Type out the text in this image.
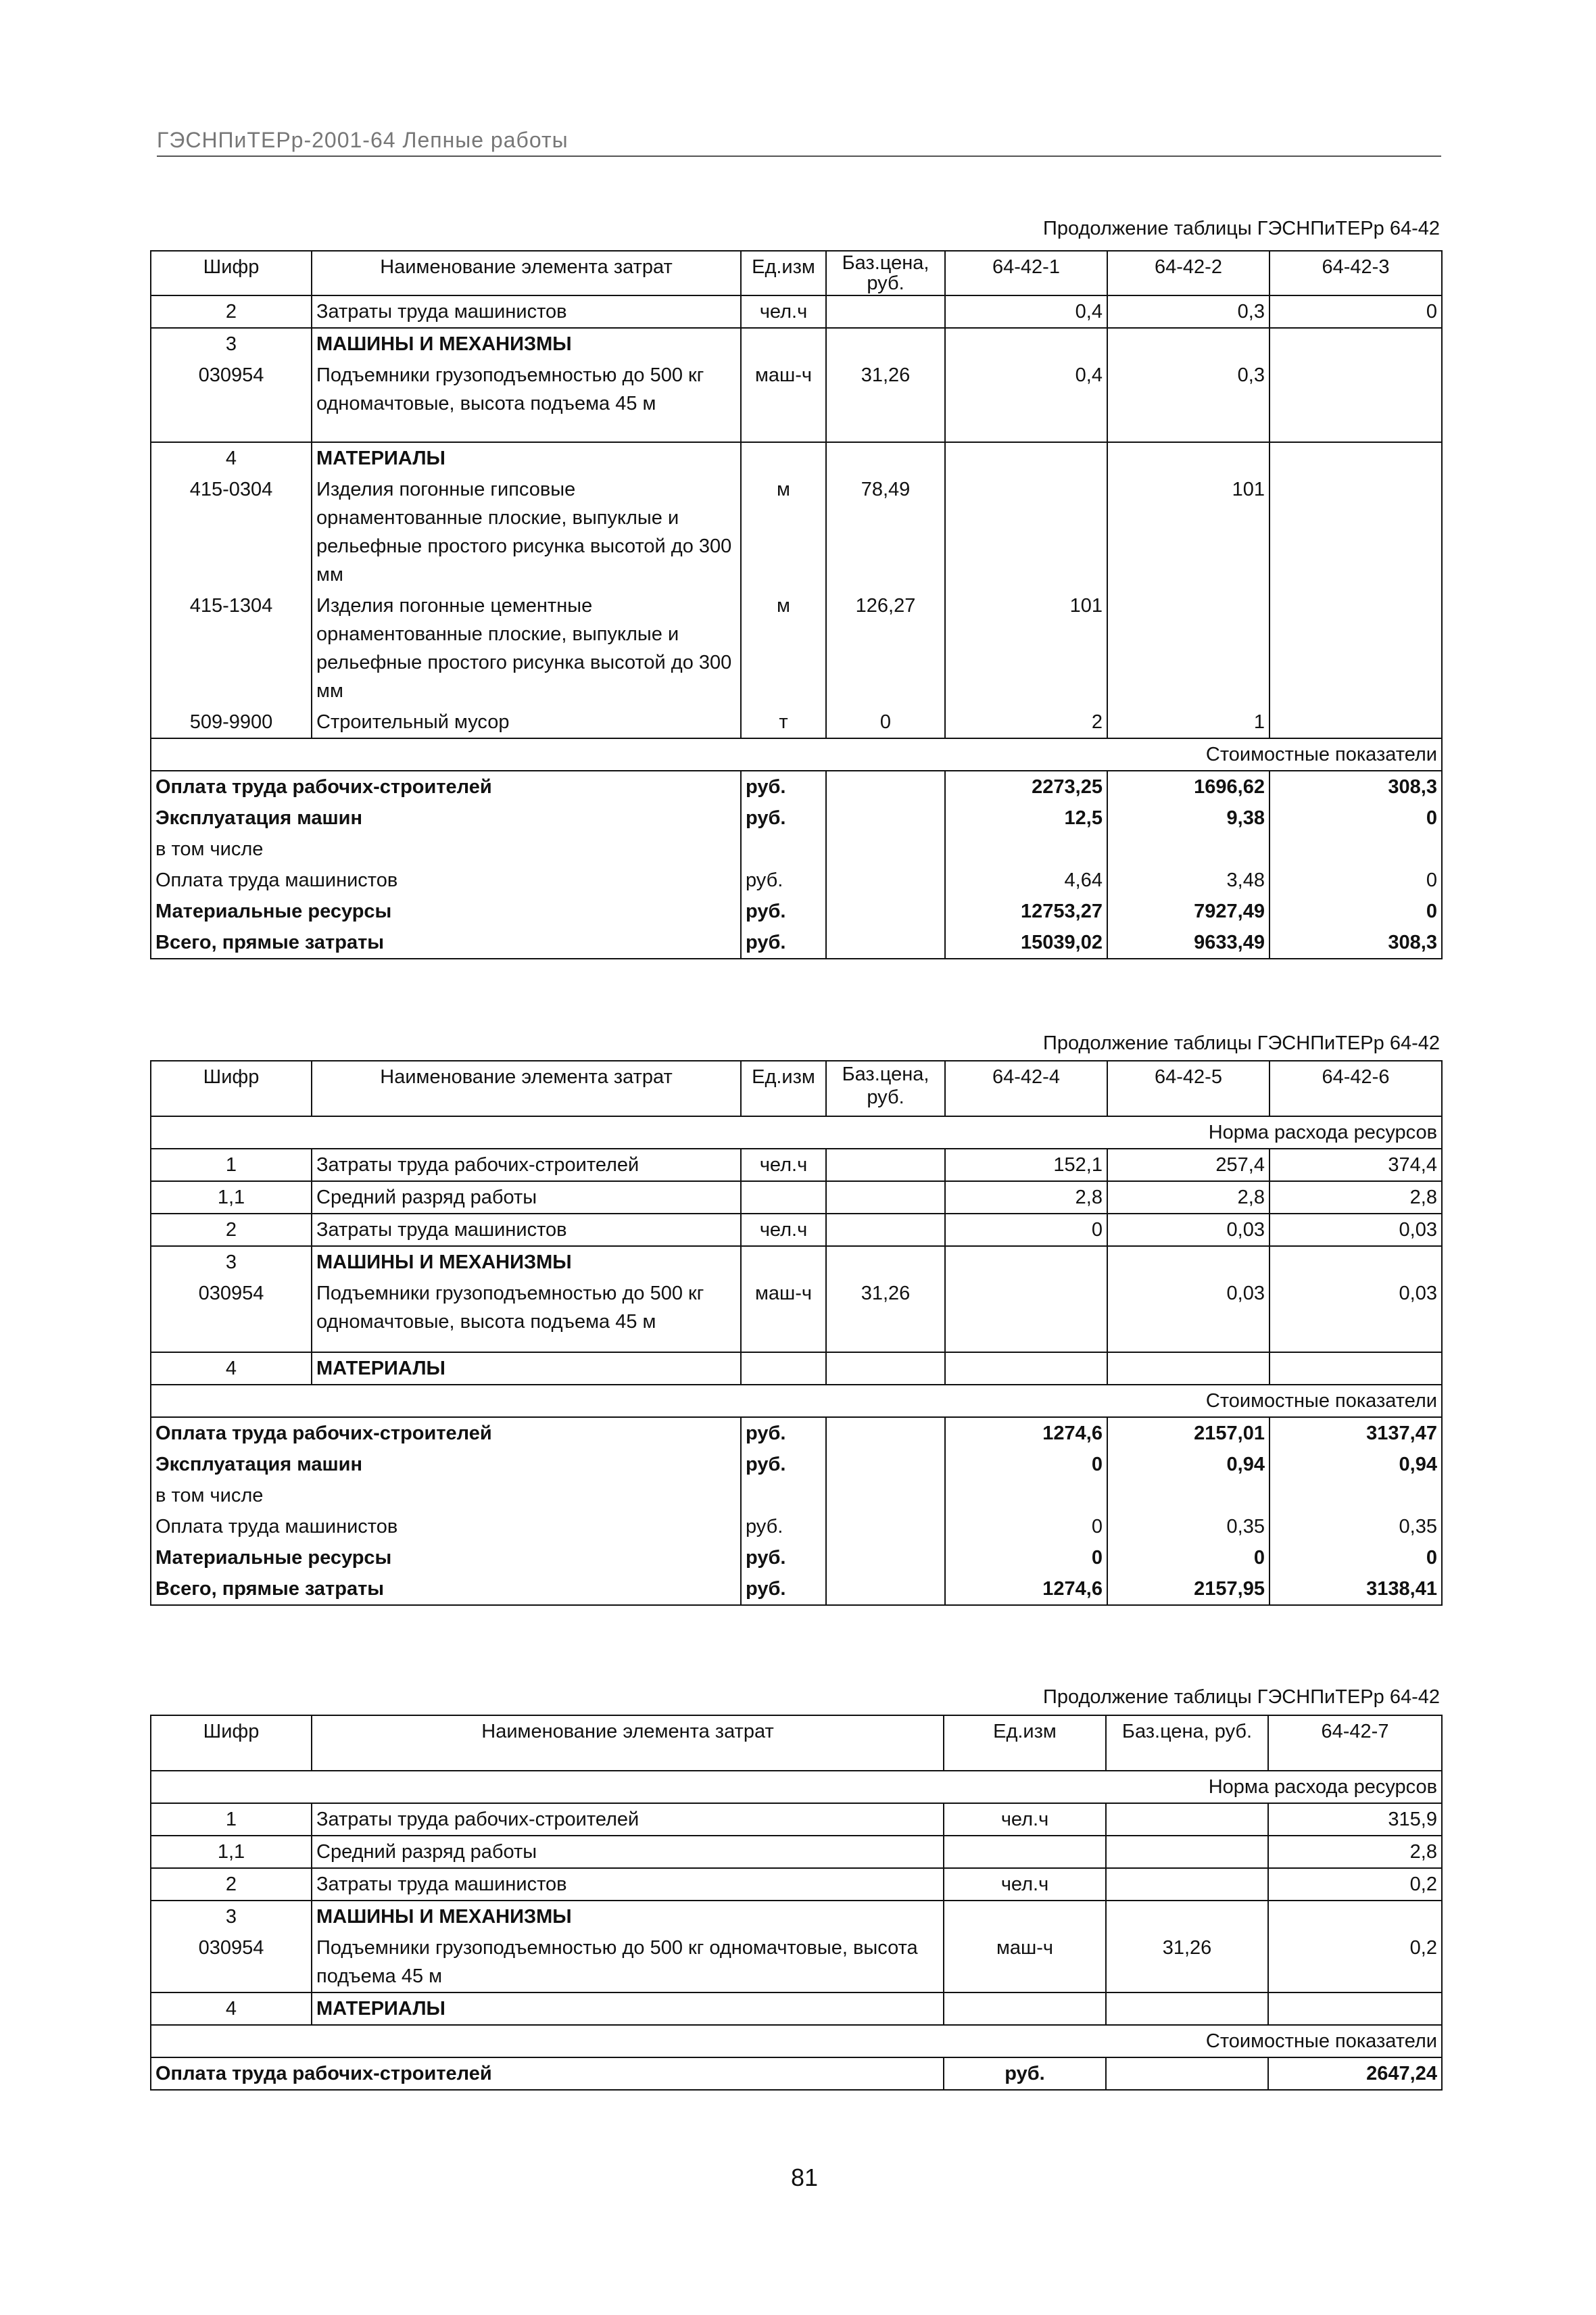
ГЭСНПиТЕРр-2001-64 Лепные работы
Продолжение таблицы ГЭСНПиТЕРр 64-42
Шифр	Наименование элемента затрат	Ед.изм	Баз.цена, руб.	64-42-1	64-42-2	64-42-3
2	Затраты труда машинистов	чел.ч		0,4	0,3	0
3	МАШИНЫ И МЕХАНИЗМЫ					
030954	Подъемники грузоподъемностью до 500 кг одномачтовые, высота подъема 45 м	маш-ч	31,26	0,4	0,3	
4	МАТЕРИАЛЫ					
415-0304	Изделия погонные гипсовые орнаментованные плоские, выпуклые и рельефные простого рисунка высотой до 300 мм	м	78,49		101	
415-1304	Изделия погонные цементные орнаментованные плоские, выпуклые и рельефные простого рисунка высотой до 300 мм	м	126,27	101		
509-9900	Строительный мусор	т	0	2	1	
Стоимостные показатели						
Оплата труда рабочих-строителей		руб.		2273,25	1696,62	308,3
Эксплуатация машин		руб.		12,5	9,38	0
в том числе						
Оплата труда машинистов		руб.		4,64	3,48	0
Материальные ресурсы		руб.		12753,27	7927,49	0
Всего, прямые затраты		руб.		15039,02	9633,49	308,3
Продолжение таблицы ГЭСНПиТЕРр 64-42
Шифр	Наименование элемента затрат	Ед.изм	Баз.цена, руб.	64-42-4	64-42-5	64-42-6
Норма расхода ресурсов						
1	Затраты труда рабочих-строителей	чел.ч		152,1	257,4	374,4
1,1	Средний разряд работы			2,8	2,8	2,8
2	Затраты труда машинистов	чел.ч		0	0,03	0,03
3	МАШИНЫ И МЕХАНИЗМЫ					
030954	Подъемники грузоподъемностью до 500 кг одномачтовые, высота подъема 45 м	маш-ч	31,26		0,03	0,03
4	МАТЕРИАЛЫ					
Стоимостные показатели						
Оплата труда рабочих-строителей		руб.		1274,6	2157,01	3137,47
Эксплуатация машин		руб.		0	0,94	0,94
в том числе						
Оплата труда машинистов		руб.		0	0,35	0,35
Материальные ресурсы		руб.		0	0	0
Всего, прямые затраты		руб.		1274,6	2157,95	3138,41
Продолжение таблицы ГЭСНПиТЕРр 64-42
Шифр	Наименование элемента затрат	Ед.изм	Баз.цена, руб.	64-42-7
Норма расхода ресурсов				
1	Затраты труда рабочих-строителей	чел.ч		315,9
1,1	Средний разряд работы			2,8
2	Затраты труда машинистов	чел.ч		0,2
3	МАШИНЫ И МЕХАНИЗМЫ			
030954	Подъемники грузоподъемностью до 500 кг одномачтовые, высота подъема 45 м	маш-ч	31,26	0,2
4	МАТЕРИАЛЫ			
Стоимостные показатели				
Оплата труда рабочих-строителей		руб.		2647,24
81
